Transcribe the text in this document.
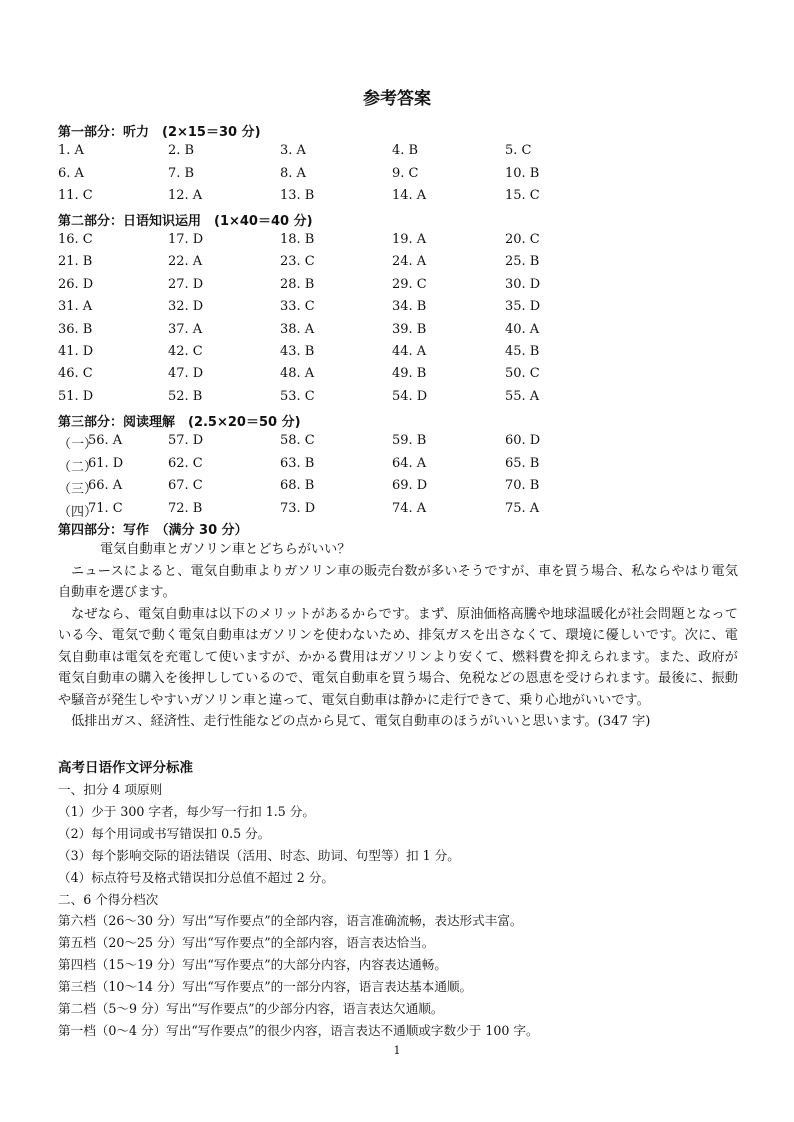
参考答案
第一部分：听力　(2×15＝30 分)
1. A	2. B	3. A	4. B	5. C
6. A	7. B	8. A	9. C	10. B
11. C	12. A	13. B	14. A	15. C
第二部分：日语知识运用　(1×40＝40 分)
16. C	17. D	18. B	19. A	20. C
21. B	22. A	23. C	24. A	25. B
26. D	27. D	28. B	29. C	30. D
31. A	32. D	33. C	34. B	35. D
36. B	37. A	38. A	39. B	40. A
41. D	42. C	43. B	44. A	45. B
46. C	47. D	48. A	49. B	50. C
51. D	52. B	53. C	54. D	55. A
第三部分：阅读理解　(2.5×20＝50 分)
（一）
56. A	57. D	58. C	59. B	60. D
（二）
61. D	62. C	63. B	64. A	65. B
（三）
66. A	67. C	68. B	69. D	70. B
（四）
71. C	72. B	73. D	74. A	75. A
第四部分：写作　（满分 30 分）

電気自動車とガソリン車とどちらがいい？

ニュースによると、電気自動車よりガソリン車の販売台数が多いそうですが、車を買う場合、私ならやはり電気自動車を選びます。

なぜなら、電気自動車は以下のメリットがあるからです。まず、原油価格高騰や地球温暖化が社会問題となっている今、電気で動く電気自動車はガソリンを使わないため、排気ガスを出さなくて、環境に優しいです。次に、電気自動車は電気を充電して使いますが、かかる費用はガソリンより安くて、燃料費を抑えられます。また、政府が電気自動車の購入を後押ししているので、電気自動車を買う場合、免税などの恩恵を受けられます。最後に、振動や騒音が発生しやすいガソリン車と違って、電気自動車は静かに走行できて、乗り心地がいいです。

低排出ガス、経済性、走行性能などの点から見て、電気自動車のほうがいいと思います。(347 字)

高考日语作文评分标准
一、扣分 4 项原则
（1）少于 300 字者，每少写一行扣 1.5 分。
（2）每个用词或书写错误扣 0.5 分。
（3）每个影响交际的语法错误（活用、时态、助词、句型等）扣 1 分。
（4）标点符号及格式错误扣分总值不超过 2 分。
二、6 个得分档次
第六档（26～30 分）写出“写作要点”的全部内容，语言准确流畅，表达形式丰富。
第五档（20～25 分）写出“写作要点”的全部内容，语言表达恰当。
第四档（15～19 分）写出“写作要点”的大部分内容，内容表达通畅。
第三档（10～14 分）写出“写作要点”的一部分内容，语言表达基本通顺。
第二档（5～9 分）写出“写作要点”的少部分内容，语言表达欠通顺。
第一档（0～4 分）写出“写作要点”的很少内容，语言表达不通顺或字数少于 100 字。
1
